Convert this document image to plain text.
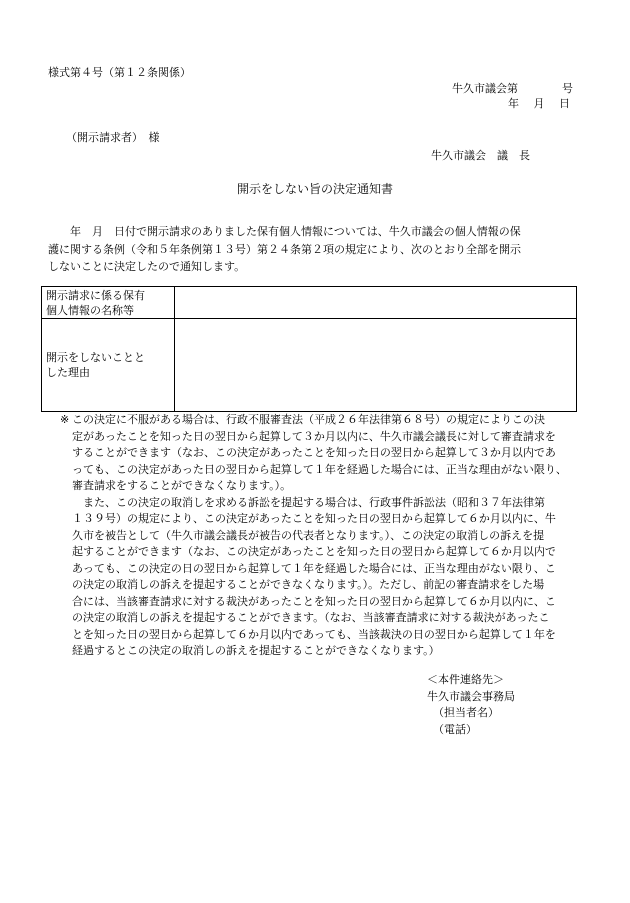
様式第４号（第１２条関係）
牛久市議会第　　　　号
年　 月　 日
（開示請求者）　様
牛久市議会　議　長
開示をしない旨の決定通知書
　　年　月　日付で開示請求のありました保有個人情報については、牛久市議会の個人情報の保
護に関する条例（令和５年条例第１３号）第２４条第２項の規定により、次のとおり全部を開示
しないことに決定したので通知します。
開示請求に係る保有
個人情報の名称等	

開示をしないことと
した理由	

※ この決定に不服がある場合は、行政不服審査法（平成２６年法律第６８号）の規定によりこの決
定があったことを知った日の翌日から起算して３か月以内に、牛久市議会議長に対して審査請求を
することができます（なお、この決定があったことを知った日の翌日から起算して３か月以内であ
っても、この決定があった日の翌日から起算して１年を経過した場合には、正当な理由がない限り、
審査請求をすることができなくなります。）。
　また、この決定の取消しを求める訴訟を提起する場合は、行政事件訴訟法（昭和３７年法律第
１３９号）の規定により、この決定があったことを知った日の翌日から起算して６か月以内に、牛
久市を被告として（牛久市議会議長が被告の代表者となります。）、この決定の取消しの訴えを提
起することができます（なお、この決定があったことを知った日の翌日から起算して６か月以内で
あっても、この決定の日の翌日から起算して１年を経過した場合には、正当な理由がない限り、こ
の決定の取消しの訴えを提起することができなくなります。）。ただし、前記の審査請求をした場
合には、当該審査請求に対する裁決があったことを知った日の翌日から起算して６か月以内に、こ
の決定の取消しの訴えを提起することができます。（なお、当該審査請求に対する裁決があったこ
とを知った日の翌日から起算して６か月以内であっても、当該裁決の日の翌日から起算して１年を
経過するとこの決定の取消しの訴えを提起することができなくなります。）
＜本件連絡先＞
牛久市議会事務局
（担当者名）
（電話）
